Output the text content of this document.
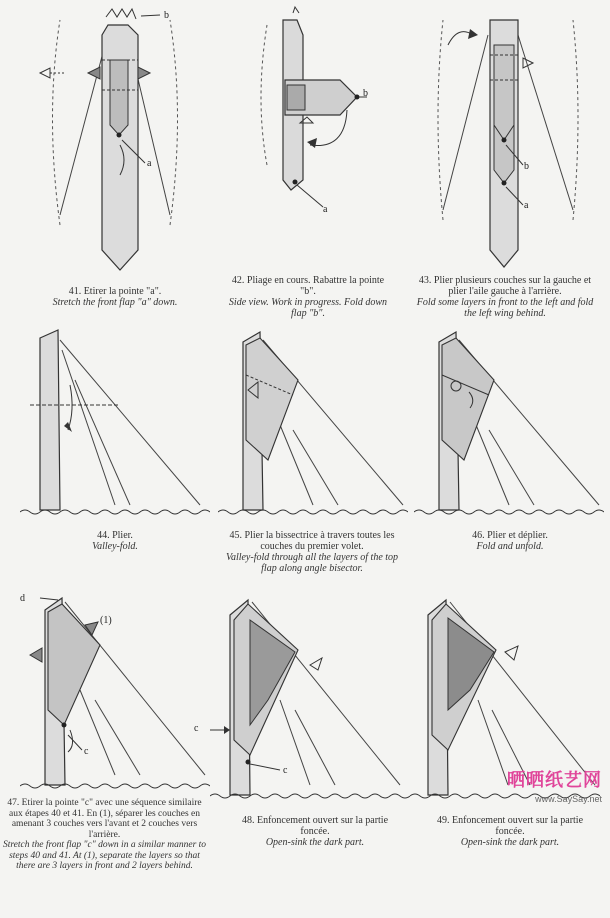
b
a
41. Etirer la pointe "a".
Stretch the front flap "a" down.
b
a
42. Pliage en cours. Rabattre la pointe "b".
Side view. Work in progress. Fold down flap "b".
b
a
43. Plier plusieurs couches sur la gauche et plier l'aile gauche à l'arrière.
Fold some layers in front to the left and fold the left wing behind.
44. Plier.
Valley-fold.
45. Plier la bissectrice à travers toutes les couches du premier volet.
Valley-fold through all the layers of the top flap along angle bisector.
46. Plier et déplier.
Fold and unfold.
d
(1)
c
47. Etirer la pointe "c" avec une séquence similaire aux étapes 40 et 41. En (1), séparer les couches en amenant 3 couches vers l'avant et 2 couches vers l'arrière.
Stretch the front flap "c" down in a similar manner to steps 40 and 41. At (1), separate the layers so that there are 3 layers in front and 2 layers behind.
c
c
48. Enfoncement ouvert sur la partie foncée.
Open-sink the dark part.
49. Enfoncement ouvert sur la partie foncée.
Open-sink the dark part.
晒晒纸艺网
www.SaySay.net
